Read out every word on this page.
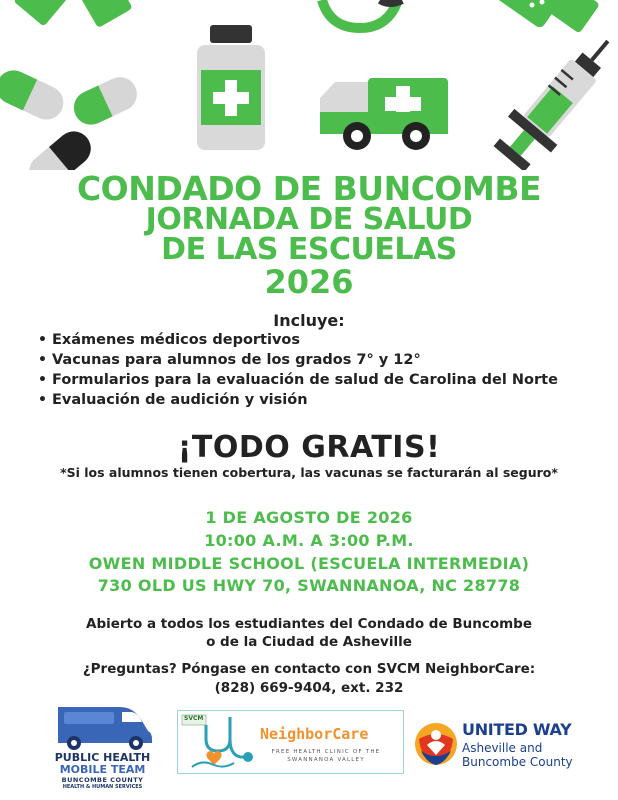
CONDADO DE BUNCOMBE
JORNADA DE SALUD
DE LAS ESCUELAS
2026
Incluye:
• Exámenes médicos deportivos
• Vacunas para alumnos de los grados 7° y 12°
• Formularios para la evaluación de salud de Carolina del Norte
• Evaluación de audición y visión
¡TODO GRATIS!
*Si los alumnos tienen cobertura, las vacunas se facturarán al seguro*
1 DE AGOSTO DE 2026
10:00 A.M. A 3:00 P.M.
OWEN MIDDLE SCHOOL (ESCUELA INTERMEDIA)
730 OLD US HWY 70, SWANNANOA, NC 28778
Abierto a todos los estudiantes del Condado de Buncombe
o de la Ciudad de Asheville
¿Preguntas? Póngase en contacto con SVCM NeighborCare:
(828) 669-9404, ext. 232
PUBLIC HEALTH
MOBILE TEAM
BUNCOMBE COUNTY
HEALTH & HUMAN SERVICES
SVCM
NeighborCare
FREE HEALTH CLINIC OF THE SWANNANOA VALLEY
UNITED WAY
Asheville and
Buncombe County
